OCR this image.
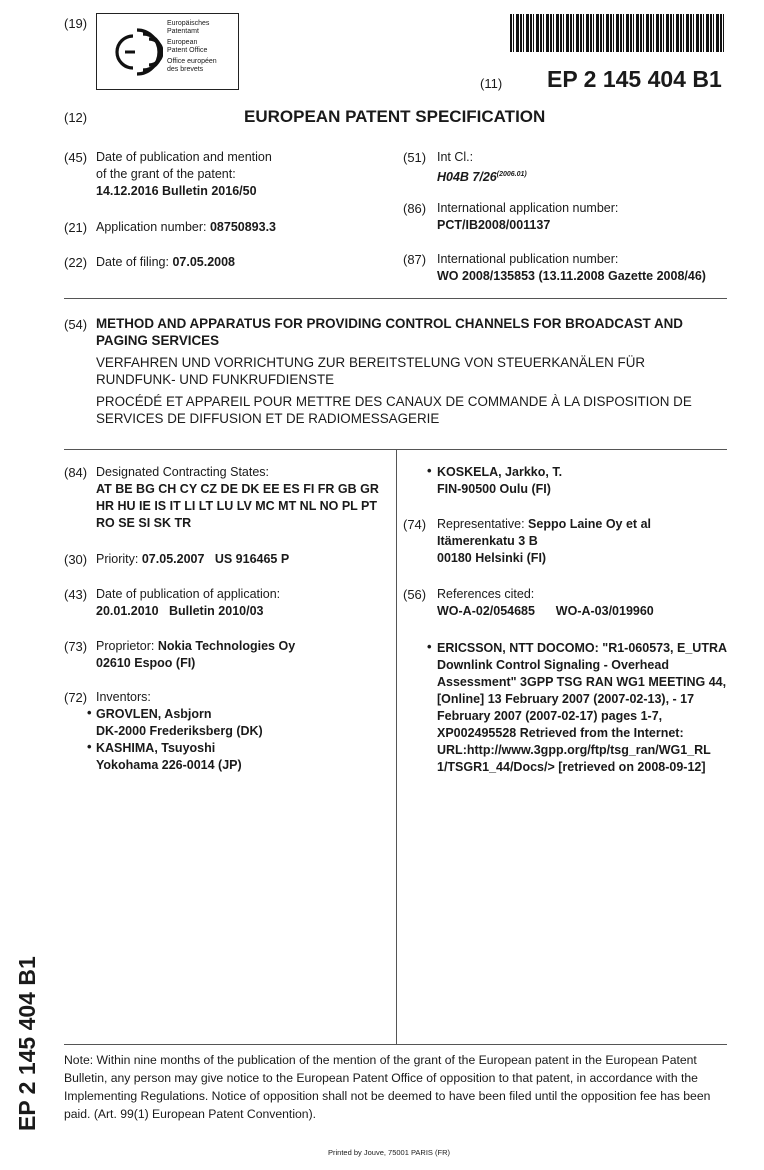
(19)	Europäisches
Patentamt
European
Patent Office
Office européen
des brevets
(11) EP 2 145 404 B1
(12)	EUROPEAN PATENT SPECIFICATION
(45) Date of publication and mention
of the grant of the patent:
14.12.2016 Bulletin 2016/50
(21) Application number: 08750893.3
(22) Date of filing: 07.05.2008
(51) Int Cl.:
H04B $7/26^{(2006.01)}$
(86) International application number:
PCT/IB2008/001137
(87) International publication number:
WO 2008/135853 (13.11.2008 Gazette 2008/46)
(54) METHOD AND APPARATUS FOR PROVIDING CONTROL CHANNELS FOR BROADCAST AND
PAGING SERVICES
VERFAHREN UND VORRICHTUNG ZUR BEREITSTELUNG VON STEUERKANÄLEN FÜR
RUNDFUNK- UND FUNKRUFDIENSTE
PROCÉDÉ ET APPAREIL POUR METTRE DES CANAUX DE COMMANDE À LA DISPOSITION DE
SERVICES DE DIFFUSION ET DE RADIOMESSAGERIE
(84) Designated Contracting States:
AT BE BG CH CY CZ DE DK EE ES FI FR GB GR
HR HU IE IS IT LI LT LU LV MC MT NL NO PL PT
RO SE SI SK TR
(30) Priority: 07.05.2007   US 916465 P
(43) Date of publication of application:
20.01.2010   Bulletin 2010/03
(73) Proprietor: Nokia Technologies Oy
02610 Espoo (FI)
(72) Inventors:
• GROVLEN, Asbjorn
DK-2000 Frederiksberg (DK)
• KASHIMA, Tsuyoshi
Yokohama 226-0014 (JP)
• KOSKELA, Jarkko, T.
FIN-90500 Oulu (FI)
(74) Representative: Seppo Laine Oy et al
Itämerenkatu 3 B
00180 Helsinki (FI)
(56) References cited:
WO-A-02/054685      WO-A-03/019960
• ERICSSON, NTT DOCOMO: "R1-060573, E_UTRA
Downlink Control Signaling - Overhead
Assessment" 3GPP TSG RAN WG1 MEETING 44,
[Online] 13 February 2007 (2007-02-13), - 17
February 2007 (2007-02-17) pages 1-7,
XP002495528 Retrieved from the Internet:
URL:http://www.3gpp.org/ftp/tsg_ran/WG1_RL
1/TSGR1_44/Docs/> [retrieved on 2008-09-12]
EP 2 145 404 B1 Note: Within nine months of the publication of the mention of the grant of the European patent in the European Patent
Bulletin, any person may give notice to the European Patent Office of opposition to that patent, in accordance with the
Implementing Regulations. Notice of opposition shall not be deemed to have been filed until the opposition fee has been
paid. (Art. 99(1) European Patent Convention).
Printed by Jouve, 75001 PARIS (FR)
